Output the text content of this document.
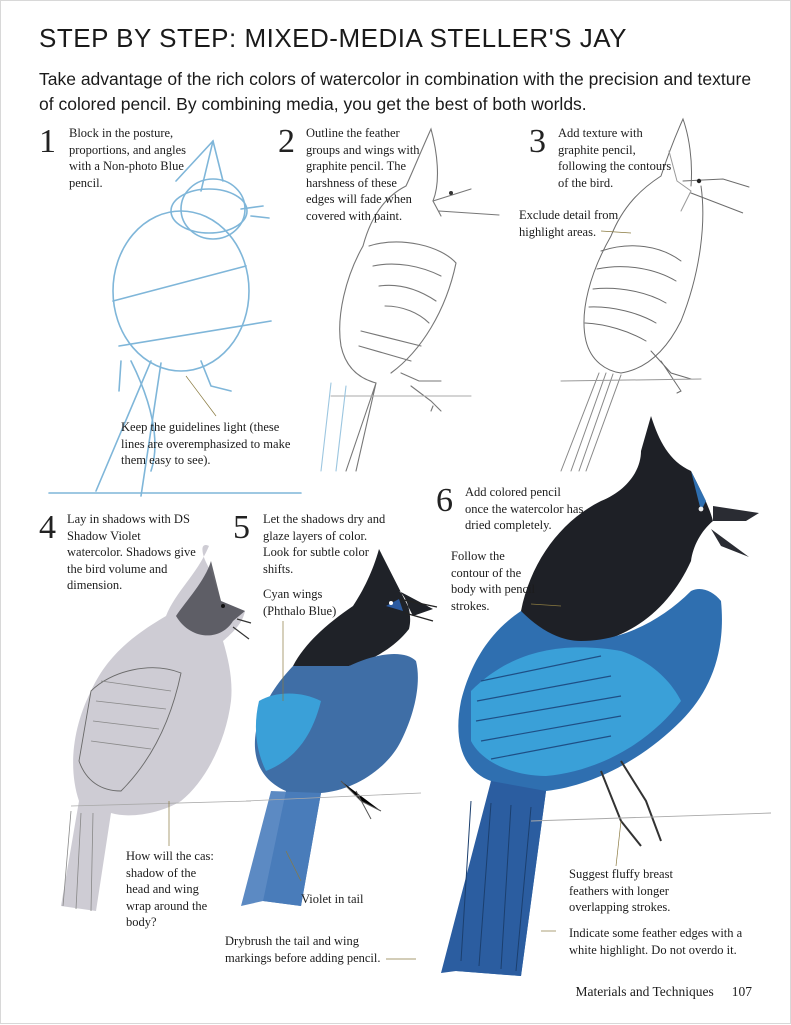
STEP BY STEP: MIXED-MEDIA STELLER'S JAY
Take advantage of the rich colors of watercolor in combination with the precision and texture of colored pencil. By combining media, you get the best of both worlds.
1 Block in the posture, proportions, and angles with a Non-photo Blue pencil.
2 Outline the feather groups and wings with graphite pencil. The harshness of these edges will fade when covered with paint.
3 Add texture with graphite pencil, following the contours of the bird.
4 Lay in shadows with DS Shadow Violet watercolor. Shadows give the bird volume and dimension.
5 Let the shadows dry and glaze layers of color. Look for subtle color shifts.
6 Add colored pencil once the watercolor has dried completely.
Keep the guidelines light (these lines are overemphasized to make them easy to see).
Exclude detail from highlight areas.
Cyan wings (Phthalo Blue)
How will the cas: shadow of the head and wing wrap around the body?
Violet in tail
Drybrush the tail and wing markings before adding pencil.
Follow the contour of the body with pencil strokes.
Suggest fluffy breast feathers with longer overlapping strokes.
Indicate some feather edges with a white highlight. Do not overdo it.
Materials and Techniques 107
